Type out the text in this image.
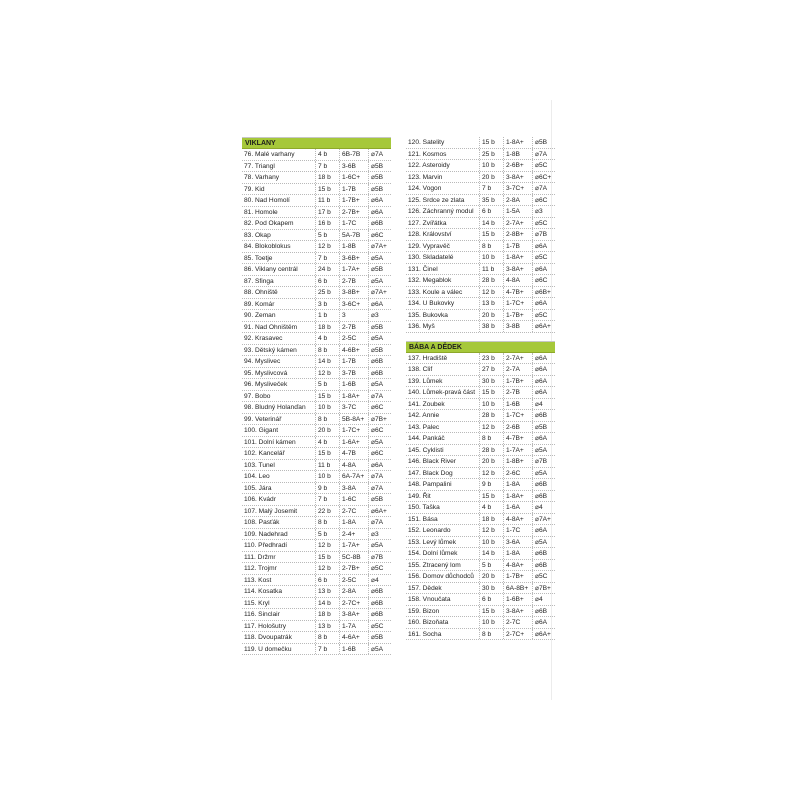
VIKLANY
76. Malé varhany	4 b	6B-7B	⌀7A
77. Triangl	7 b	3-6B	⌀5B
78. Varhany	18 b	1-6C+	⌀5B
79. Kid	15 b	1-7B	⌀5B
80. Nad Homolí	11 b	1-7B+	⌀6A
81. Homole	17 b	2-7B+	⌀6A
82. Pod Okapem	16 b	1-7C	⌀6B
83. Okap	5 b	5A-7B	⌀6C
84. Blokoblokus	12 b	1-8B	⌀7A+
85. Toetje	7 b	3-6B+	⌀5A
86. Viklany centrál	24 b	1-7A+	⌀5B
87. Sfinga	6 b	2-7B	⌀5A
88. Ohniště	25 b	3-8B+	⌀7A+
89. Komár	3 b	3-6C+	⌀6A
90. Zeman	1 b	3	⌀3
91. Nad Ohništěm	18 b	2-7B	⌀5B
92. Krasavec	4 b	2-5C	⌀5A
93. Dětský kámen	8 b	4-6B+	⌀5B
94. Myslivec	14 b	1-7B	⌀6B
95. Myslivcová	12 b	3-7B	⌀6B
96. Mysliveček	5 b	1-6B	⌀5A
97. Bobo	15 b	1-8A+	⌀7A
98. Bludný Holanďan	10 b	3-7C	⌀6C
99. Veterinář	8 b	5B-8A+	⌀7B+
100. Gigant	20 b	1-7C+	⌀6C
101. Dolní kámen	4 b	1-6A+	⌀5A
102. Kancelář	15 b	4-7B	⌀6C
103. Tunel	11 b	4-8A	⌀6A
104. Leo	10 b	6A-7A+	⌀7A
105. Jára	9 b	3-8A	⌀7A
106. Kvádr	7 b	1-6C	⌀5B
107. Malý Josemit	22 b	2-7C	⌀6A+
108. Pasťák	8 b	1-8A	⌀7A
109. Nadehrad	5 b	2-4+	⌀3
110. Předhradí	12 b	1-7A+	⌀5A
111. Držmr	15 b	5C-8B	⌀7B
112. Trojmr	12 b	2-7B+	⌀5C
113. Kost	6 b	2-5C	⌀4
114. Kosatka	13 b	2-8A	⌀6B
115. Kryl	14 b	2-7C+	⌀6B
116. Sinclair	18 b	3-8A+	⌀6B
117. Hološutry	13 b	1-7A	⌀5C
118. Dvoupatrák	8 b	4-6A+	⌀5B
119. U domečku	7 b	1-6B	⌀5A
120. Satelity	15 b	1-8A+	⌀5B
121. Kosmos	25 b	1-8B	⌀7A
122. Asteroidy	10 b	2-6B+	⌀5C
123. Marvin	20 b	3-8A+	⌀6C+
124. Vogon	7 b	3-7C+	⌀7A
125. Srdce ze zlata	35 b	2-8A	⌀6C
126. Záchranný modul	6 b	1-5A	⌀3
127. Zvířátka	14 b	2-7A+	⌀5C
128. Království	15 b	2-8B+	⌀7B
129. Vypravěč	8 b	1-7B	⌀6A
130. Skladatelé	10 b	1-8A+	⌀5C
131. Činel	11 b	3-8A+	⌀6A
132. Megablok	28 b	4-8A	⌀6C
133. Koule a válec	12 b	4-7B+	⌀6B+
134. U Bukovky	13 b	1-7C+	⌀6A
135. Bukovka	20 b	1-7B+	⌀5C
136. Myš	38 b	3-8B	⌀6A+
BÁBA A DĚDEK
137. Hradiště	23 b	2-7A+	⌀6A
138. Clif	27 b	2-7A	⌀6A
139. Lůmek	30 b	1-7B+	⌀6A
140. Lůmek-pravá část	15 b	2-7B	⌀6A
141. Zoubek	10 b	1-6B	⌀4
142. Annie	28 b	1-7C+	⌀6B
143. Palec	12 b	2-6B	⌀5B
144. Pankáč	8 b	4-7B+	⌀6A
145. Cyklisti	28 b	1-7A+	⌀5A
146. Black River	20 b	1-8B+	⌀7B
147. Black Dog	12 b	2-6C	⌀5A
148. Pampalini	9 b	1-8A	⌀6B
149. Řit	15 b	1-8A+	⌀6B
150. Taška	4 b	1-6A	⌀4
151. Bása	18 b	4-8A+	⌀7A+
152. Leonardo	12 b	1-7C	⌀6A
153. Levý lůmek	10 b	3-6A	⌀5A
154. Dolní lůmek	14 b	1-8A	⌀6B
155. Ztracený lom	5 b	4-8A+	⌀6B
156. Domov důchodců	20 b	1-7B+	⌀5C
157. Dědek	30 b	6A-8B+	⌀7B+
158. Vnoučata	6 b	1-6B+	⌀4
159. Bizon	15 b	3-8A+	⌀6B
160. Bizoňata	10 b	2-7C	⌀6A
161. Socha	8 b	2-7C+	⌀6A+
